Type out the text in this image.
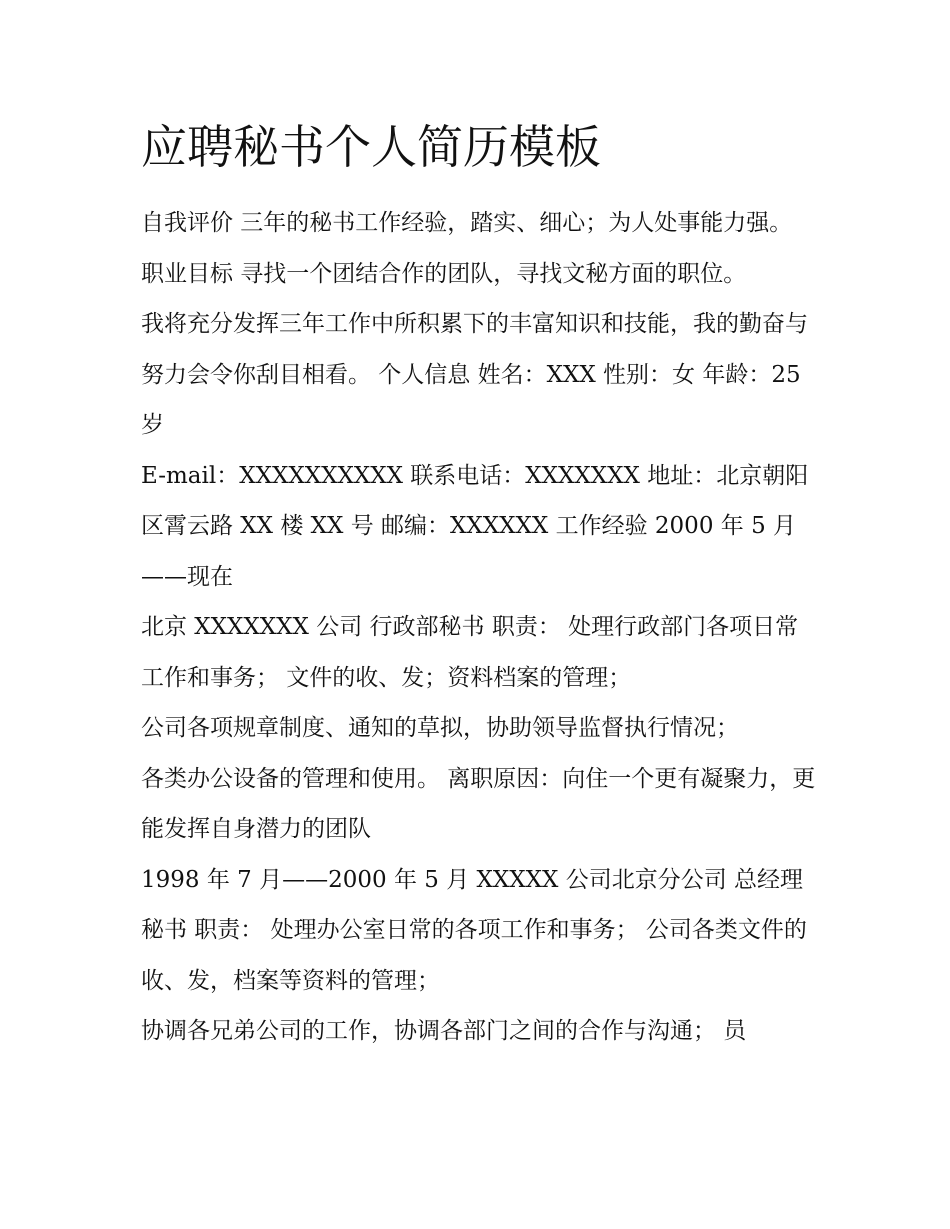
应聘秘书个人简历模板

自我评价 三年的秘书工作经验，踏实、细心；为人处事能力强。 职业目标 寻找一个团结合作的团队，寻找文秘方面的职位。

我将充分发挥三年工作中所积累下的丰富知识和技能，我的勤奋与努力会令你刮目相看。 个人信息 姓名：XXX 性别：女 年龄：25 岁

E-mail：XXXXXXXXXX 联系电话：XXXXXXX 地址：北京朝阳区霄云路 XX 楼 XX 号 邮编：XXXXXX 工作经验 2000 年 5 月——现在

北京 XXXXXXX 公司 行政部秘书 职责： 处理行政部门各项日常工作和事务； 文件的收、发；资料档案的管理；

公司各项规章制度、通知的草拟，协助领导监督执行情况；

各类办公设备的管理和使用。 离职原因：向住一个更有凝聚力，更能发挥自身潜力的团队

1998 年 7 月——2000 年 5 月 XXXXX 公司北京分公司 总经理秘书 职责： 处理办公室日常的各项工作和事务； 公司各类文件的收、发，档案等资料的管理；

协调各兄弟公司的工作，协调各部门之间的合作与沟通； 员
